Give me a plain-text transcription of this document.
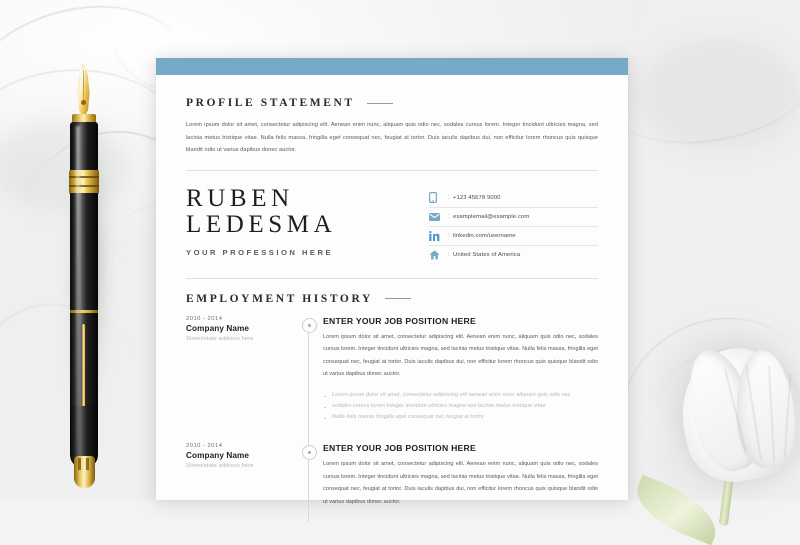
PROFILE STATEMENT

Lorem ipsum dolor sit amet, consectetur adipiscing elit. Aenean enim nunc, aliquam quis odio nec, sodales cursus lorem. Integer tincidunt ultricies magna, sed lacinia metus tristique vitae. Nulla felis massa, fringilla eget consequat nec, feugiat at tortor. Duis iaculis dapibus dui, non efficitur lorem rhoncus quis quisque blandit odio ut varius dapibus donec auctor.

RUBEN
LEDESMA
YOUR PROFESSION HERE
: +123 45678 9000
: examplemail@example.com
: linkedin.com/username
: United States of America
EMPLOYMENT HISTORY
2010 - 2014
Company Name
Street/state address here
ENTER YOUR JOB POSITION HERE

Lorem ipsum dolor sit amet, consectetur adipiscing elit. Aenean enim nunc, aliquam quis odio nec, sodales cursus lorem. Integer tincidunt ultricies magna, sed lacinia metus tristique vitae. Nulla felis massa, fringilla eget consequat nec, feugiat at tortor. Duis iaculis dapibus dui, non efficitur lorem rhoncus quis quisque blandit odio ut varius dapibus donec auctor.

Lorem ipsum dolor sit amet, consectetur adipiscing elit aenean enim nunc aliquam quis odio nec
sodales cursus lorem Integer tincidunt ultricies magna sed lacinia metus tristique vitae
Nulla felis massa fringilla eget consequat nec feugiat at tortor
2010 - 2014
Company Name
Street/state address here
ENTER YOUR JOB POSITION HERE

Lorem ipsum dolor sit amet, consectetur adipiscing elit. Aenean enim nunc, aliquam quis odio nec, sodales cursus lorem. Integer tincidunt ultricies magna, sed lacinia metus tristique vitae. Nulla felis massa, fringilla eget consequat nec, feugiat at tortor. Duis iaculis dapibus dui, non efficitur lorem rhoncus quis quisque blandit odio ut varius dapibus donec auctor.
